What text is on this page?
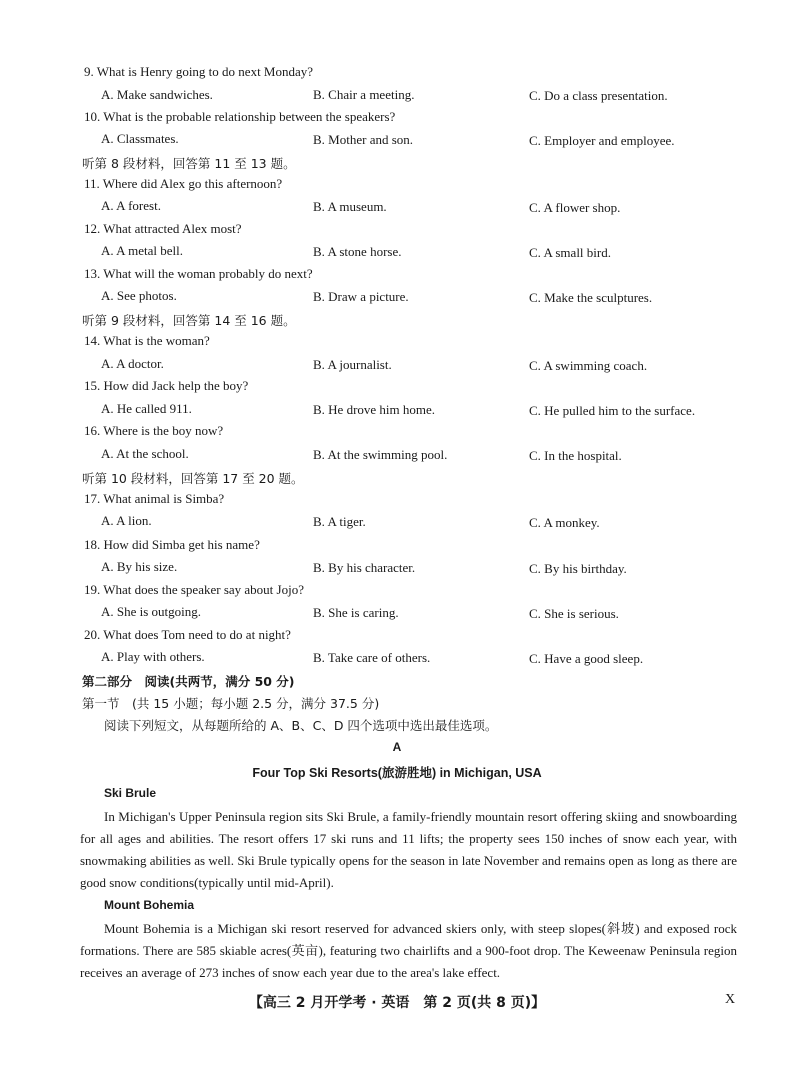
9. What is Henry going to do next Monday?
A. Make sandwiches.	B. Chair a meeting.	C. Do a class presentation.
10. What is the probable relationship between the speakers?
A. Classmates.	B. Mother and son.	C. Employer and employee.
听第 8 段材料，回答第 11 至 13 题。
11. Where did Alex go this afternoon?
A. A forest.	B. A museum.	C. A flower shop.
12. What attracted Alex most?
A. A metal bell.	B. A stone horse.	C. A small bird.
13. What will the woman probably do next?
A. See photos.	B. Draw a picture.	C. Make the sculptures.
听第 9 段材料，回答第 14 至 16 题。
14. What is the woman?
A. A doctor.	B. A journalist.	C. A swimming coach.
15. How did Jack help the boy?
A. He called 911.	B. He drove him home.	C. He pulled him to the surface.
16. Where is the boy now?
A. At the school.	B. At the swimming pool.	C. In the hospital.
听第 10 段材料，回答第 17 至 20 题。
17. What animal is Simba?
A. A lion.	B. A tiger.	C. A monkey.
18. How did Simba get his name?
A. By his size.	B. By his character.	C. By his birthday.
19. What does the speaker say about Jojo?
A. She is outgoing.	B. She is caring.	C. She is serious.
20. What does Tom need to do at night?
A. Play with others.	B. Take care of others.	C. Have a good sleep.
第二部分　阅读(共两节，满分 50 分)
第一节　(共 15 小题；每小题 2.5 分，满分 37.5 分)
阅读下列短文，从每题所给的 A、B、C、D 四个选项中选出最佳选项。
A
Four Top Ski Resorts(旅游胜地) in Michigan, USA
Ski Brule
In Michigan's Upper Peninsula region sits Ski Brule, a family-friendly mountain resort offering skiing and snowboarding for all ages and abilities. The resort offers 17 ski runs and 11 lifts; the property sees 150 inches of snow each year, with snowmaking abilities as well. Ski Brule typically opens for the season in late November and remains open as long as there are good snow conditions(typically until mid-April).
Mount Bohemia
Mount Bohemia is a Michigan ski resort reserved for advanced skiers only, with steep slopes(斜坡) and exposed rock formations. There are 585 skiable acres(英亩), featuring two chairlifts and a 900-foot drop. The Keweenaw Peninsula region receives an average of 273 inches of snow each year due to the area's lake effect.
【高三 2 月开学考 · 英语　第 2 页(共 8 页)】	X
